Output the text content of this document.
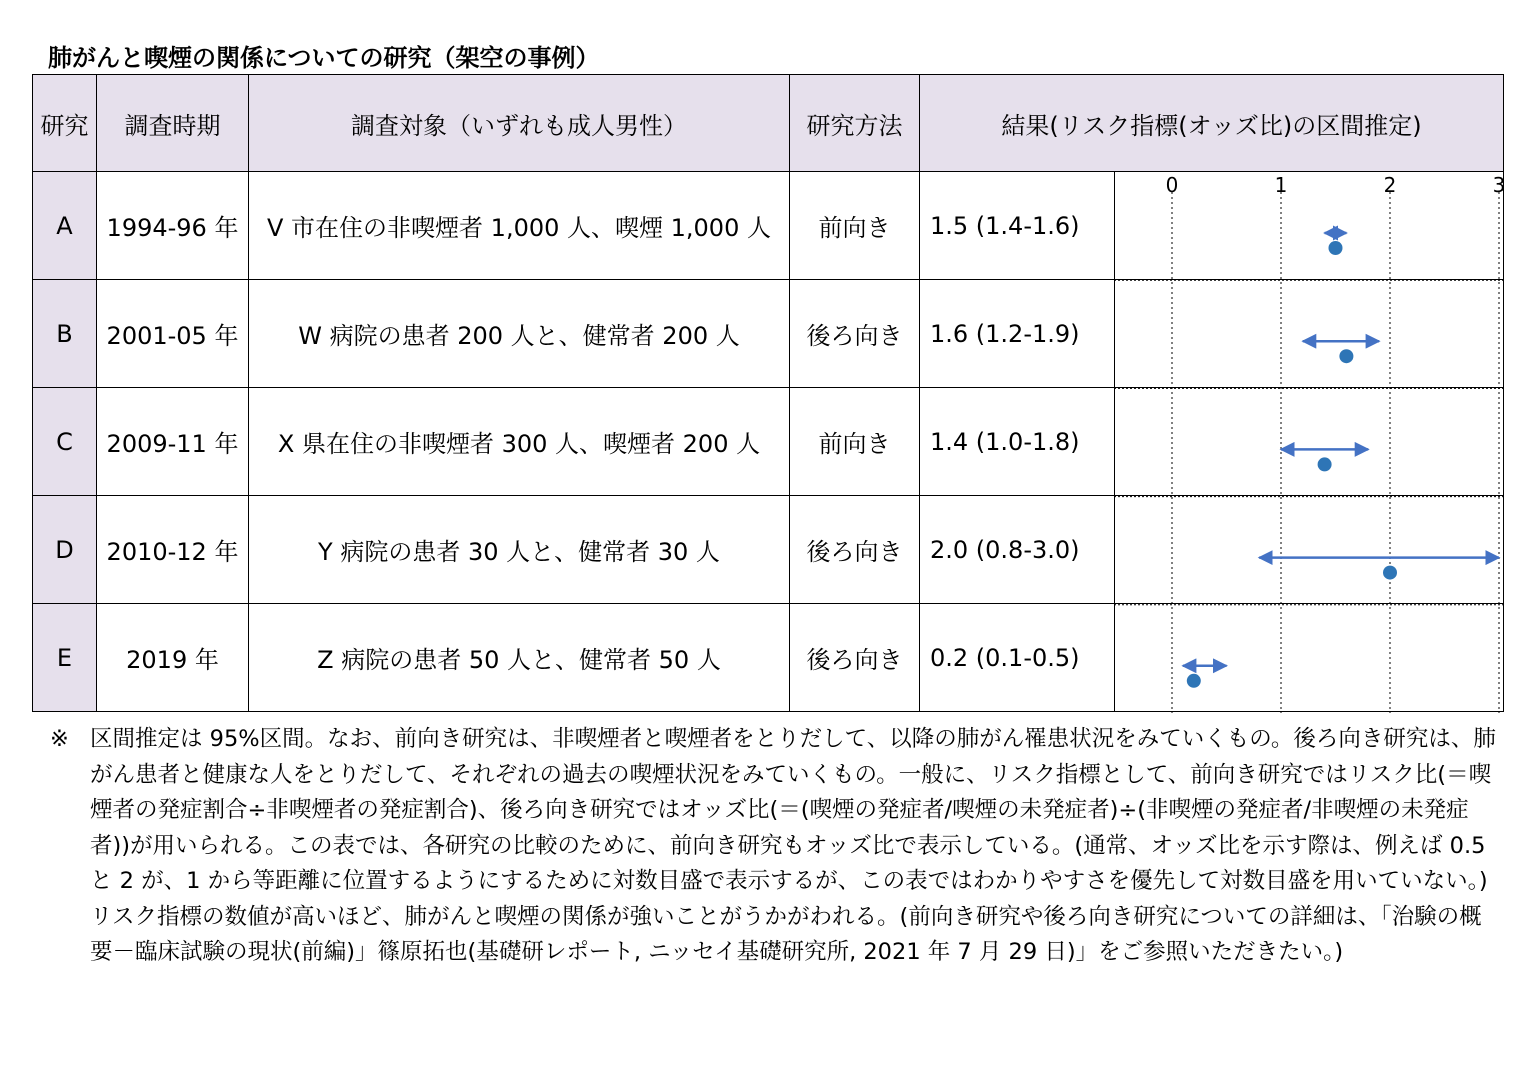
肺がんと喫煙の関係についての研究（架空の事例）
研究	調査時期	調査対象（いずれも成人男性）	研究方法	結果(リスク指標(オッズ比)の区間推定)	
A	1994-96 年	V 市在住の非喫煙者 1,000 人、喫煙 1,000 人	前向き	1.5 (1.4-1.6)	
B	2001-05 年	W 病院の患者 200 人と、健常者 200 人	後ろ向き	1.6 (1.2-1.9)	
C	2009-11 年	X 県在住の非喫煙者 300 人、喫煙者 200 人	前向き	1.4 (1.0-1.8)	
D	2010-12 年	Y 病院の患者 30 人と、健常者 30 人	後ろ向き	2.0 (0.8-3.0)	
E	2019 年	Z 病院の患者 50 人と、健常者 50 人	後ろ向き	0.2 (0.1-0.5)	
0	1	2	3
※ 区間推定は 95%区間。なお、前向き研究は、非喫煙者と喫煙者をとりだして、以降の肺がん罹患状況をみていくもの。後ろ向き研究は、肺がん患者と健康な人をとりだして、それぞれの過去の喫煙状況をみていくもの。一般に、リスク指標として、前向き研究ではリスク比(＝喫煙者の発症割合÷非喫煙者の発症割合)、後ろ向き研究ではオッズ比(＝(喫煙の発症者/喫煙の未発症者)÷(非喫煙の発症者/非喫煙の未発症者))が用いられる。この表では、各研究の比較のために、前向き研究もオッズ比で表示している。(通常、オッズ比を示す際は、例えば 0.5 と 2 が、1 から等距離に位置するようにするために対数目盛で表示するが、この表ではわかりやすさを優先して対数目盛を用いていない。)リスク指標の数値が高いほど、肺がんと喫煙の関係が強いことがうかがわれる。(前向き研究や後ろ向き研究についての詳細は、「治験の概要－臨床試験の現状(前編)」篠原拓也(基礎研レポート, ニッセイ基礎研究所, 2021 年 7 月 29 日)」をご参照いただきたい。)
